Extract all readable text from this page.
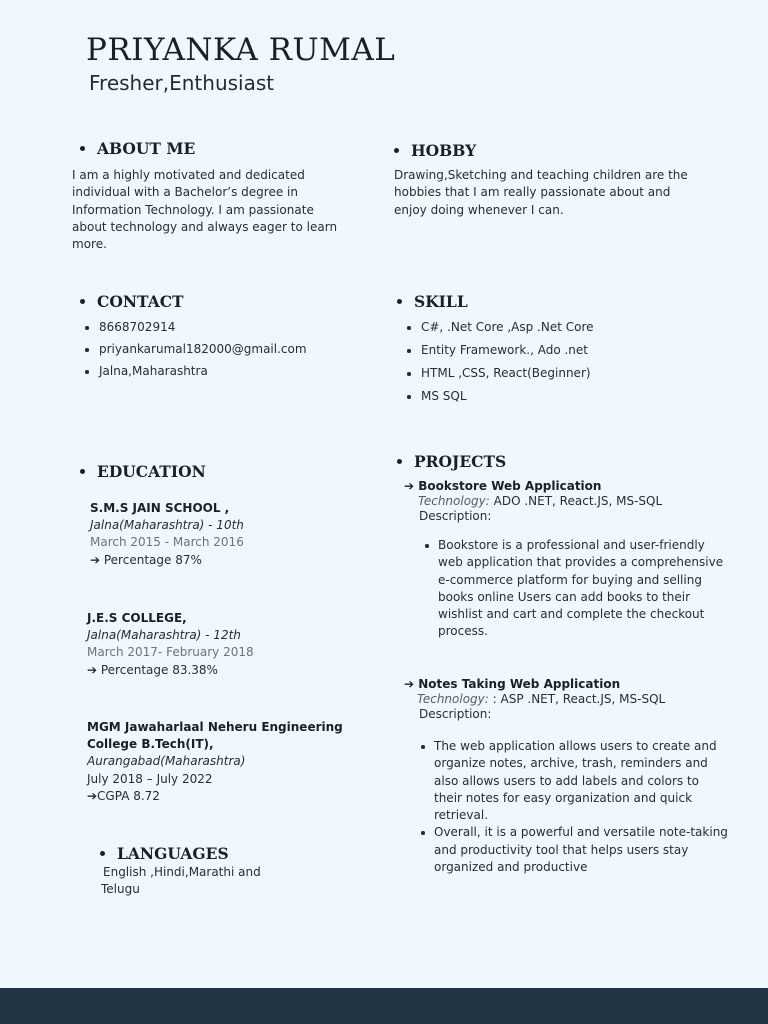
PRIYANKA RUMAL
Fresher,Enthusiast
ABOUT ME
I am a highly motivated and dedicated individual with a Bachelor’s degree in Information Technology. I am passionate about technology and always eager to learn more.
HOBBY
Drawing,Sketching and teaching children are the hobbies that I am really passionate about and enjoy doing whenever I can.
CONTACT
8668702914
priyankarumal182000@gmail.com
Jalna,Maharashtra
SKILL
C#, .Net Core ,Asp .Net Core
Entity Framework., Ado .net
HTML ,CSS, React(Beginner)
MS SQL
EDUCATION
S.M.S JAIN SCHOOL ,
Jalna(Maharashtra) - 10th
March 2015 - March 2016
➔ Percentage 87%
J.E.S COLLEGE,
Jalna(Maharashtra) - 12th
March 2017- February 2018
➔ Percentage 83.38%
MGM Jawaharlaal Neheru Engineering
College B.Tech(IT),
Aurangabad(Maharashtra)
July 2018 – July 2022
➔CGPA 8.72
LANGUAGES
English ,Hindi,Marathi and Telugu
PROJECTS
➔ Bookstore Web Application
Technology: ADO .NET, React.JS, MS-SQL
Description:
Bookstore is a professional and user-friendly web application that provides a comprehensive e-commerce platform for buying and selling books online Users can add books to their wishlist and cart and complete the checkout process.
➔ Notes Taking Web Application
Technology: : ASP .NET, React.JS, MS-SQL
Description:
The web application allows users to create and organize notes, archive, trash, reminders and also allows users to add labels and colors to their notes for easy organization and quick retrieval.
Overall, it is a powerful and versatile note-taking and productivity tool that helps users stay organized and productive
